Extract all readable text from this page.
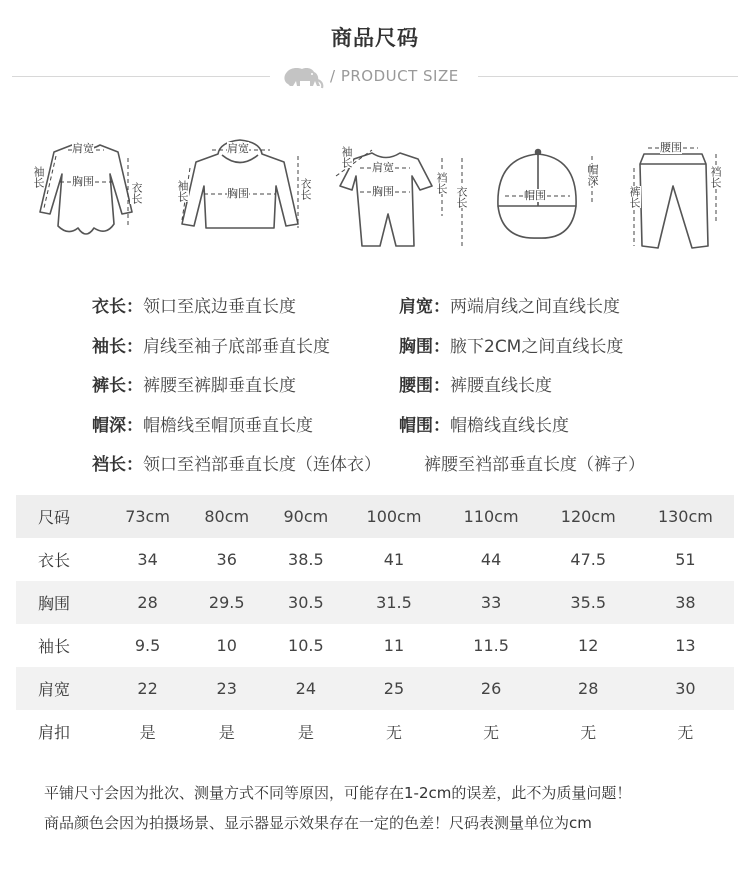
商品尺码
/ PRODUCT SIZE
肩宽
袖长 胸围
衣长
肩宽
袖长	胸围	衣长
袖长 肩宽
胸围	裆长
衣长
帽深
帽围
腰围
裆长
裤长
衣长：领口至底边垂直长度	肩宽：两端肩线之间直线长度
袖长：肩线至袖子底部垂直长度	胸围：腋下2CM之间直线长度
裤长：裤腰至裤脚垂直长度	腰围：裤腰直线长度
帽深：帽檐线至帽顶垂直长度	帽围：帽檐线直线长度
裆长：领口至裆部垂直长度（连体衣）	裤腰至裆部垂直长度（裤子）
尺码	73cm	80cm	90cm	100cm	110cm	120cm	130cm
衣长	34	36	38.5	41	44	47.5	51
胸围	28	29.5	30.5	31.5	33	35.5	38
袖长	9.5	10	10.5	11	11.5	12	13
肩宽	22	23	24	25	26	28	30
肩扣	是	是	是	无	无	无	无
平铺尺寸会因为批次、测量方式不同等原因，可能存在1-2cm的误差，此不为质量问题！
商品颜色会因为拍摄场景、显示器显示效果存在一定的色差！尺码表测量单位为cm
